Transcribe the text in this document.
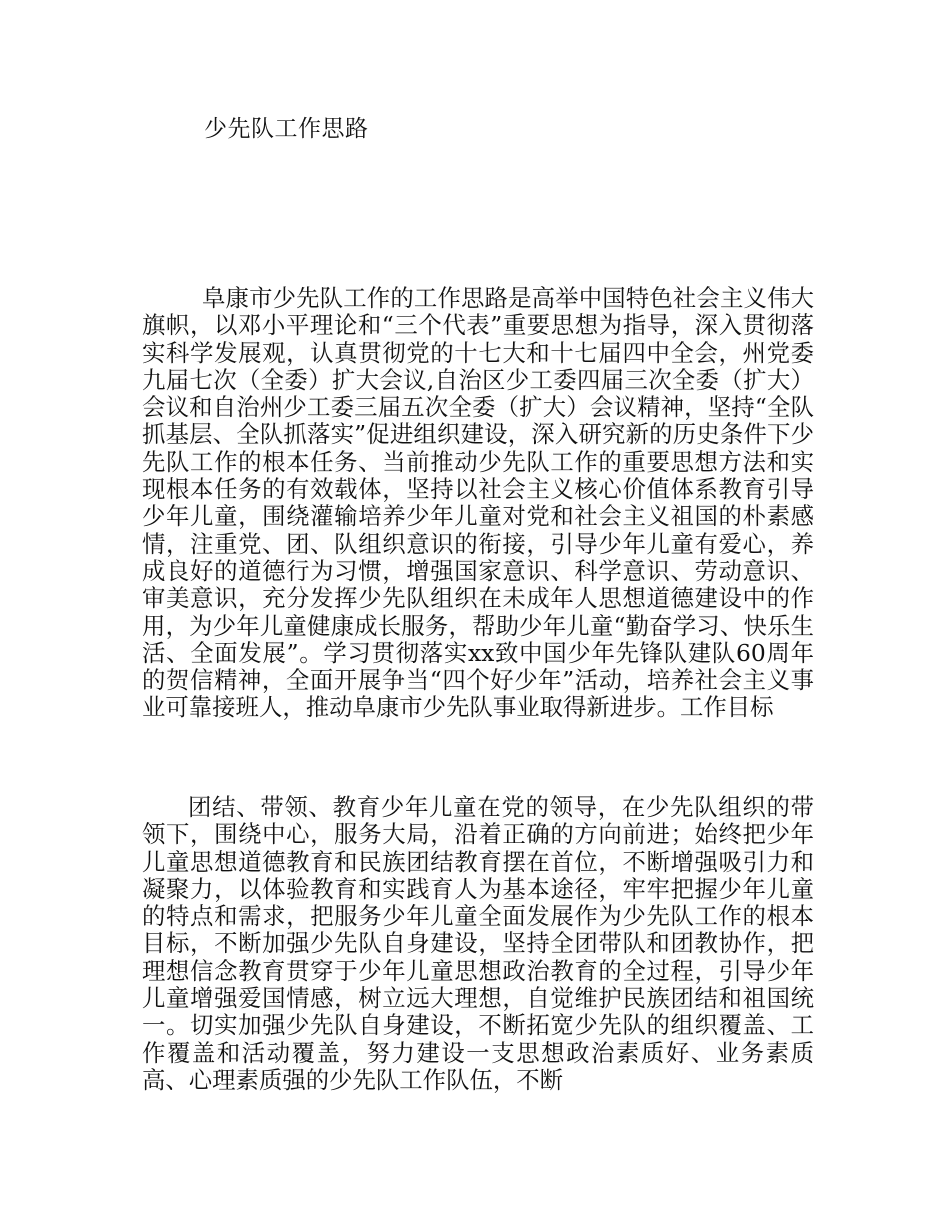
少先队工作思路
阜康市少先队工作的工作思路是高举中国特色社会主义伟大旗帜，以邓小平理论和“三个代表”重要思想为指导，深入贯彻落实科学发展观，认真贯彻党的十七大和十七届四中全会，州党委九届七次（全委）扩大会议,自治区少工委四届三次全委（扩大）会议和自治州少工委三届五次全委（扩大）会议精神，坚持“全队抓基层、全队抓落实”促进组织建设，深入研究新的历史条件下少先队工作的根本任务、当前推动少先队工作的重要思想方法和实现根本任务的有效载体，坚持以社会主义核心价值体系教育引导少年儿童，围绕灌输培养少年儿童对党和社会主义祖国的朴素感情，注重党、团、队组织意识的衔接，引导少年儿童有爱心，养成良好的道德行为习惯，增强国家意识、科学意识、劳动意识、审美意识，充分发挥少先队组织在未成年人思想道德建设中的作用，为少年儿童健康成长服务，帮助少年儿童“勤奋学习、快乐生活、全面发展”。学习贯彻落实xx致中国少年先锋队建队60周年的贺信精神，全面开展争当“四个好少年”活动，培养社会主义事业可靠接班人，推动阜康市少先队事业取得新进步。工作目标
团结、带领、教育少年儿童在党的领导，在少先队组织的带领下，围绕中心，服务大局，沿着正确的方向前进；始终把少年儿童思想道德教育和民族团结教育摆在首位，不断增强吸引力和凝聚力，以体验教育和实践育人为基本途径，牢牢把握少年儿童的特点和需求，把服务少年儿童全面发展作为少先队工作的根本目标，不断加强少先队自身建设，坚持全团带队和团教协作，把理想信念教育贯穿于少年儿童思想政治教育的全过程，引导少年儿童增强爱国情感，树立远大理想，自觉维护民族团结和祖国统一。切实加强少先队自身建设，不断拓宽少先队的组织覆盖、工作覆盖和活动覆盖，努力建设一支思想政治素质好、业务素质高、心理素质强的少先队工作队伍，不断
